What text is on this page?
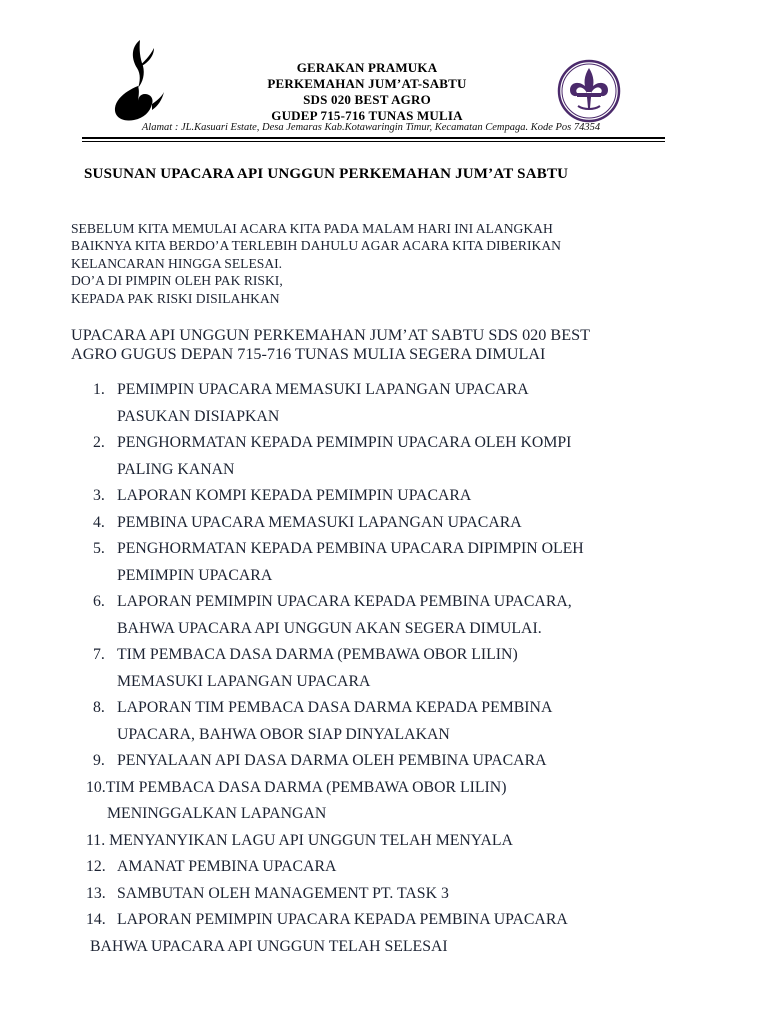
GERAKAN PRAMUKA
PERKEMAHAN JUM’AT-SABTU
SDS 020 BEST AGRO
GUDEP 715-716 TUNAS MULIA
Alamat : JL.Kasuari Estate, Desa Jemaras Kab.Kotawaringin Timur, Kecamatan Cempaga. Kode Pos 74354
SUSUNAN UPACARA API UNGGUN PERKEMAHAN JUM’AT SABTU
SEBELUM KITA MEMULAI ACARA KITA PADA MALAM HARI INI ALANGKAH
BAIKNYA KITA BERDO’A TERLEBIH DAHULU AGAR ACARA KITA DIBERIKAN
KELANCARAN HINGGA SELESAI.
DO’A DI PIMPIN OLEH PAK RISKI,
KEPADA PAK RISKI DISILAHKAN
UPACARA API UNGGUN PERKEMAHAN JUM’AT SABTU SDS 020 BEST
AGRO GUGUS DEPAN 715-716 TUNAS MULIA SEGERA DIMULAI
1. PEMIMPIN UPACARA MEMASUKI LAPANGAN UPACARA
PASUKAN DISIAPKAN
2. PENGHORMATAN KEPADA PEMIMPIN UPACARA OLEH KOMPI
PALING KANAN
3. LAPORAN KOMPI KEPADA PEMIMPIN UPACARA
4. PEMBINA UPACARA MEMASUKI LAPANGAN UPACARA
5. PENGHORMATAN KEPADA PEMBINA UPACARA DIPIMPIN OLEH
PEMIMPIN UPACARA
6. LAPORAN PEMIMPIN UPACARA KEPADA PEMBINA UPACARA,
BAHWA UPACARA API UNGGUN AKAN SEGERA DIMULAI.
7. TIM PEMBACA DASA DARMA (PEMBAWA OBOR LILIN)
MEMASUKI LAPANGAN UPACARA
8. LAPORAN TIM PEMBACA DASA DARMA KEPADA PEMBINA
UPACARA, BAHWA OBOR SIAP DINYALAKAN
9. PENYALAAN API DASA DARMA OLEH PEMBINA UPACARA
10.TIM PEMBACA DASA DARMA (PEMBAWA OBOR LILIN)
MENINGGALKAN LAPANGAN
11. MENYANYIKAN LAGU API UNGGUN TELAH MENYALA
12. AMANAT PEMBINA UPACARA
13. SAMBUTAN OLEH MANAGEMENT PT. TASK 3
14. LAPORAN PEMIMPIN UPACARA KEPADA PEMBINA UPACARA
BAHWA UPACARA API UNGGUN TELAH SELESAI
